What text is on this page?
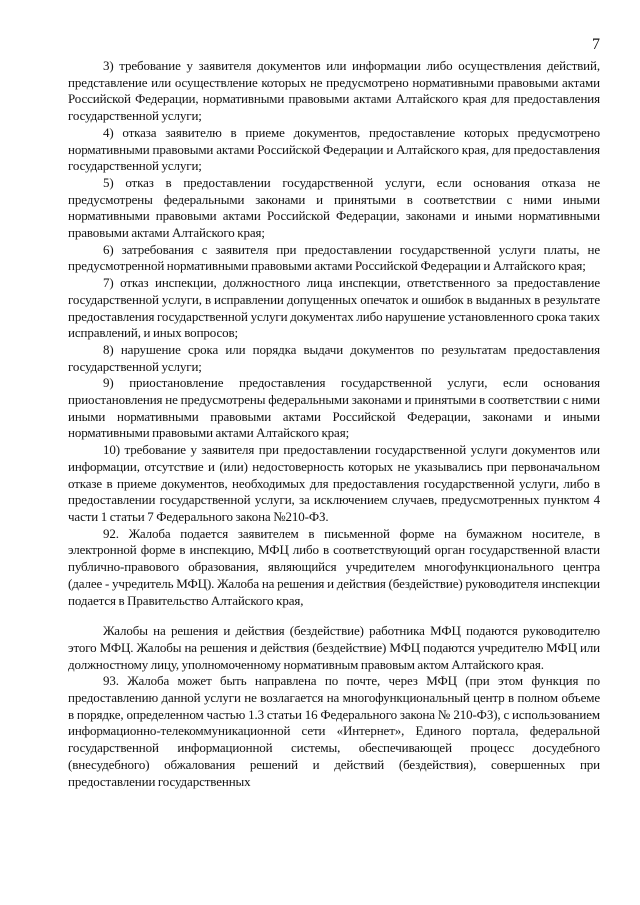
7

3) требование у заявителя документов или информации либо осуществления действий, представление или осуществление которых не предусмотрено нормативными правовыми актами Российской Федерации, нормативными правовыми актами Алтайского края для предоставления государственной услуги;

4) отказа заявителю в приеме документов, предоставление которых предусмотрено нормативными правовыми актами Российской Федерации и Алтайского края, для предоставления государственной услуги;

5) отказ в предоставлении государственной услуги, если основания отказа не предусмотрены федеральными законами и принятыми в соответствии с ними иными нормативными правовыми актами Российской Федерации, законами и иными нормативными правовыми актами Алтайского края;

6) затребования с заявителя при предоставлении государственной услуги платы, не предусмотренной нормативными правовыми актами Российской Федерации и Алтайского края;

7) отказ инспекции, должностного лица инспекции, ответственного за предоставление государственной услуги, в исправлении допущенных опечаток и ошибок в выданных в результате предоставления государственной услуги документах либо нарушение установленного срока таких исправлений, и иных вопросов;

8) нарушение срока или порядка выдачи документов по результатам предоставления государственной услуги;

9) приостановление предоставления государственной услуги, если основания приостановления не предусмотрены федеральными законами и принятыми в соответствии с ними иными нормативными правовыми актами Российской Федерации, законами и иными нормативными правовыми актами Алтайского края;

10) требование у заявителя при предоставлении государственной услуги документов или информации, отсутствие и (или) недостоверность которых не указывались при первоначальном отказе в приеме документов, необходимых для предоставления государственной услуги, либо в предоставлении государственной услуги, за исключением случаев, предусмотренных пунктом 4 части 1 статьи 7 Федерального закона №210-ФЗ.

92. Жалоба подается заявителем в письменной форме на бумажном носителе, в электронной форме в инспекцию, МФЦ либо в соответствующий орган государственной власти публично-правового образования, являющийся учредителем многофункционального центра (далее - учредитель МФЦ). Жалоба на решения и действия (бездействие) руководителя инспекции подается в Правительство Алтайского края,

Жалобы на решения и действия (бездействие) работника МФЦ подаются руководителю этого МФЦ. Жалобы на решения и действия (бездействие) МФЦ подаются учредителю МФЦ или должностному лицу, уполномоченному нормативным правовым актом Алтайского края.

93. Жалоба может быть направлена по почте, через МФЦ (при этом функция по предоставлению данной услуги не возлагается на многофункциональный центр в полном объеме в порядке, определенном частью 1.3 статьи 16 Федерального закона № 210-ФЗ), с использованием информационно-телекоммуникационной сети «Интернет», Единого портала, федеральной государственной информационной системы, обеспечивающей процесс досудебного (внесудебного) обжалования решений и действий (бездействия), совершенных при предоставлении государственных
